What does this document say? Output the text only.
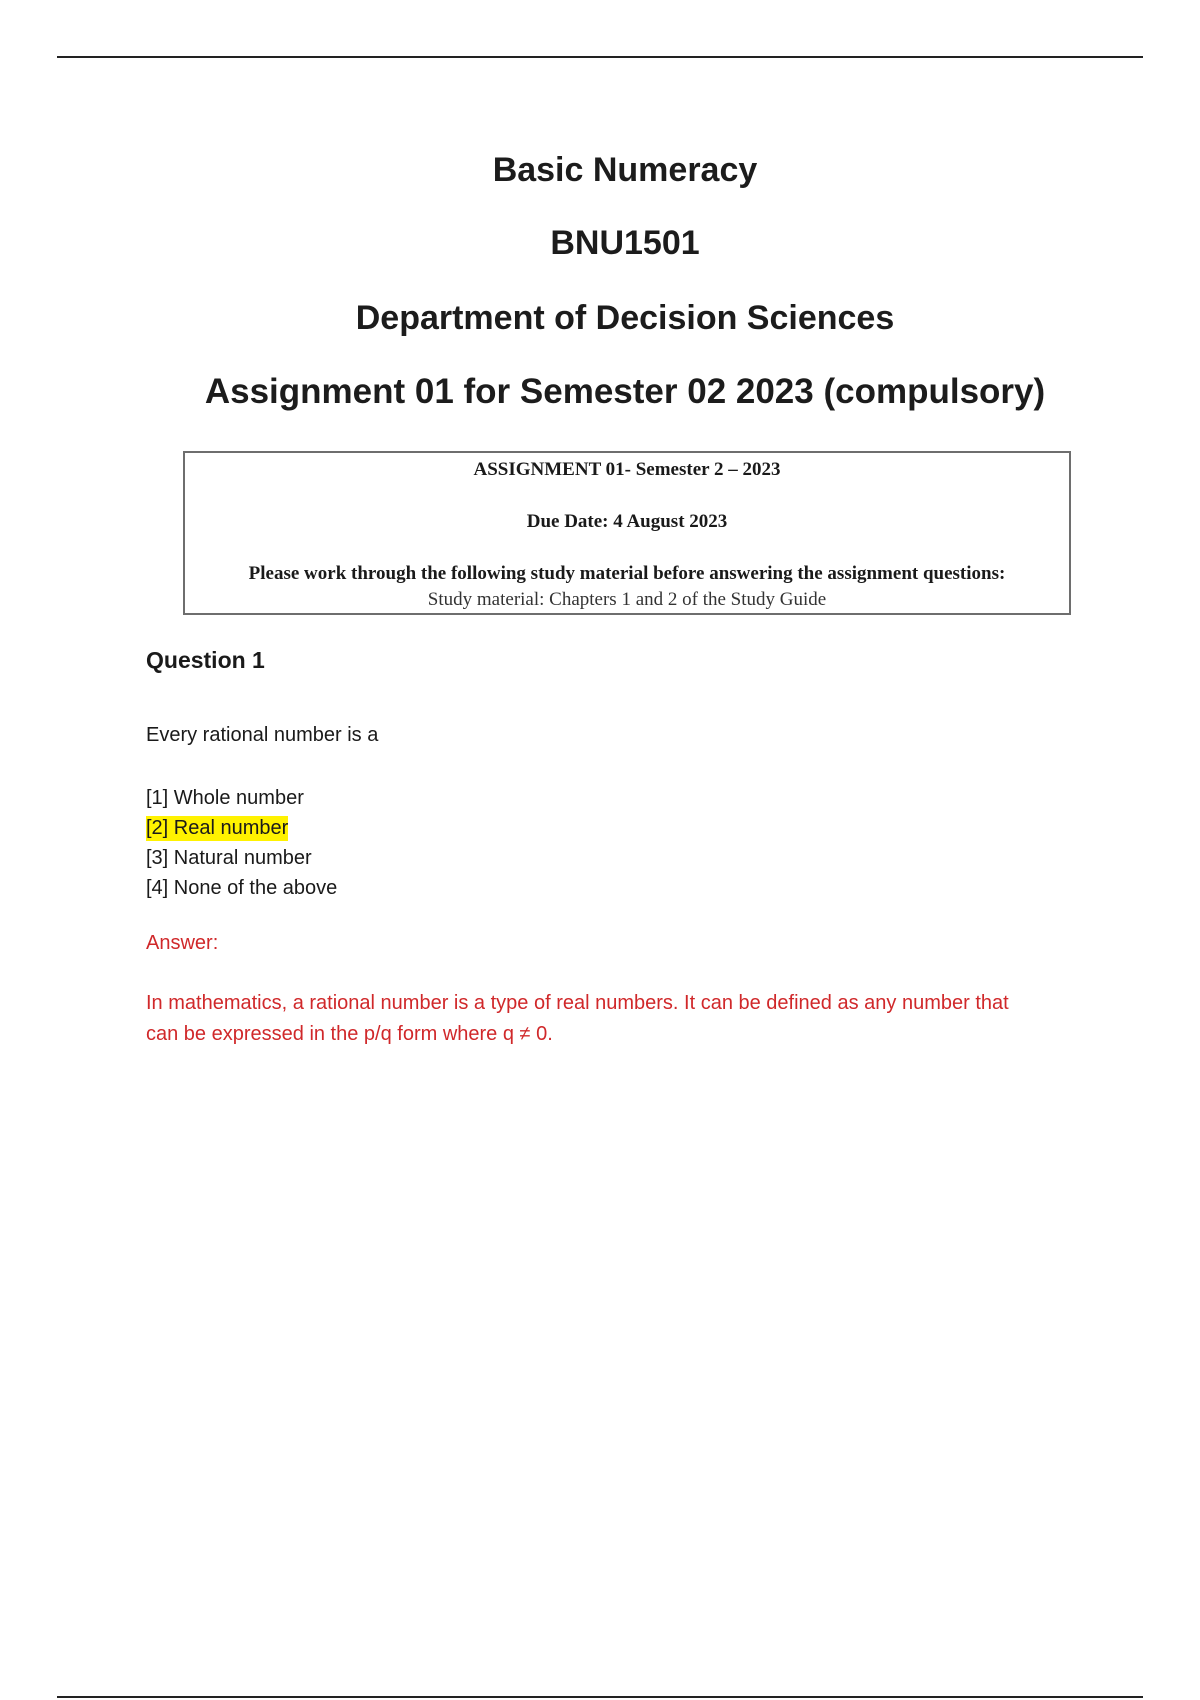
Basic Numeracy
BNU1501
Department of Decision Sciences
Assignment 01 for Semester 02 2023 (compulsory)
ASSIGNMENT 01- Semester 2 – 2023
Due Date: 4 August 2023
Please work through the following study material before answering the assignment questions:
Study material: Chapters 1 and 2 of the Study Guide
Question 1
Every rational number is a
[1] Whole number
[2] Real number
[3] Natural number
[4] None of the above
Answer:
In mathematics, a rational number is a type of real numbers. It can be defined as any number that can be expressed in the p/q form where q ≠ 0.
